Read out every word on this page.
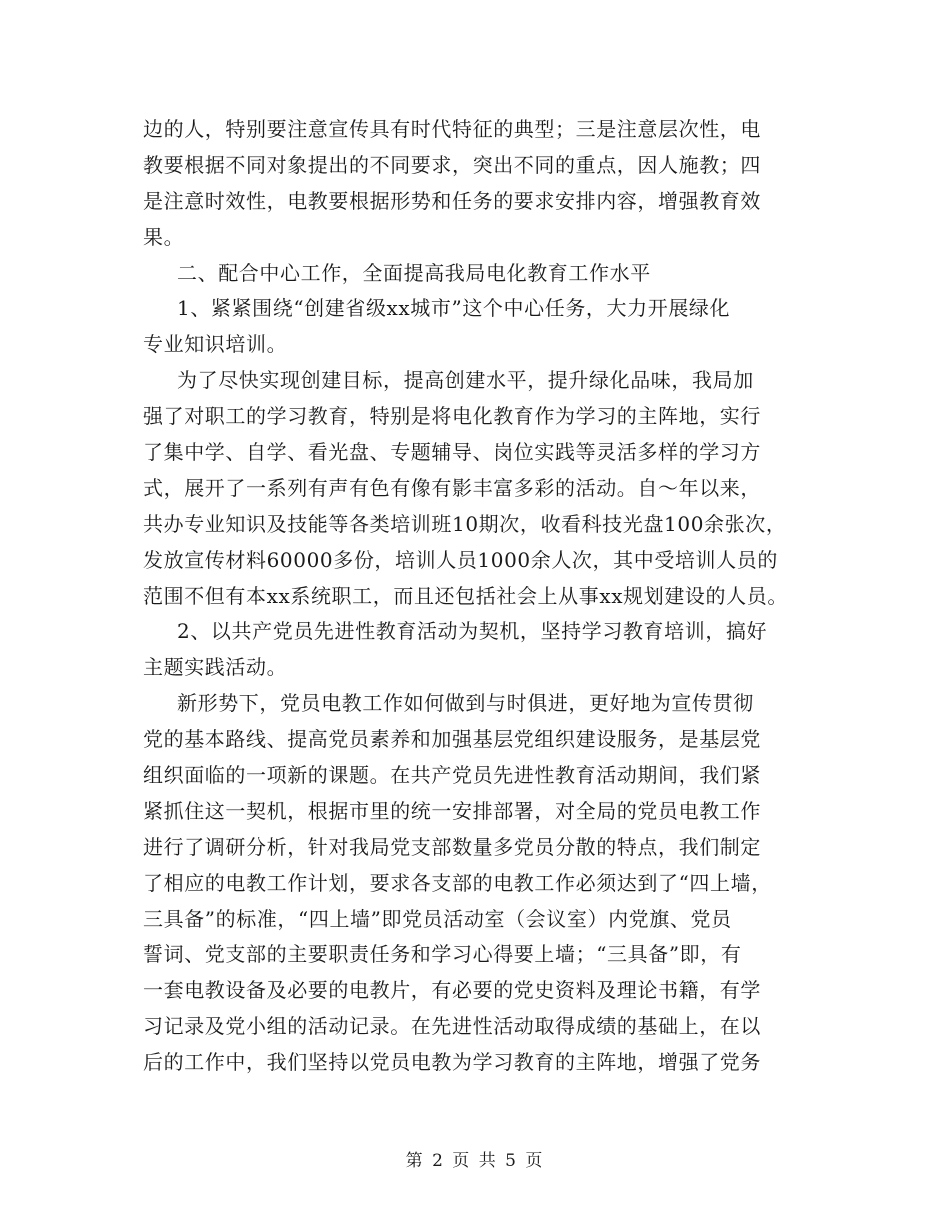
边的人，特别要注意宣传具有时代特征的典型；三是注意层次性，电
教要根据不同对象提出的不同要求，突出不同的重点，因人施教；四
是注意时效性，电教要根据形势和任务的要求安排内容，增强教育效
果。
二、配合中心工作，全面提高我局电化教育工作水平
1、紧紧围绕“创建省级xx城市”这个中心任务，大力开展绿化
专业知识培训。
为了尽快实现创建目标，提高创建水平，提升绿化品味，我局加
强了对职工的学习教育，特别是将电化教育作为学习的主阵地，实行
了集中学、自学、看光盘、专题辅导、岗位实践等灵活多样的学习方
式，展开了一系列有声有色有像有影丰富多彩的活动。自～年以来，
共办专业知识及技能等各类培训班10期次，收看科技光盘100余张次，
发放宣传材料60000多份，培训人员1000余人次，其中受培训人员的
范围不但有本xx系统职工，而且还包括社会上从事xx规划建设的人员。
2、以共产党员先进性教育活动为契机，坚持学习教育培训，搞好
主题实践活动。
新形势下，党员电教工作如何做到与时俱进，更好地为宣传贯彻
党的基本路线、提高党员素养和加强基层党组织建设服务，是基层党
组织面临的一项新的课题。在共产党员先进性教育活动期间，我们紧
紧抓住这一契机，根据市里的统一安排部署，对全局的党员电教工作
进行了调研分析，针对我局党支部数量多党员分散的特点，我们制定
了相应的电教工作计划，要求各支部的电教工作必须达到了“四上墙，
三具备”的标准，“四上墙”即党员活动室（会议室）内党旗、党员
誓词、党支部的主要职责任务和学习心得要上墙；“三具备”即，有
一套电教设备及必要的电教片，有必要的党史资料及理论书籍，有学
习记录及党小组的活动记录。在先进性活动取得成绩的基础上，在以
后的工作中，我们坚持以党员电教为学习教育的主阵地，增强了党务
第 2 页 共 5 页
